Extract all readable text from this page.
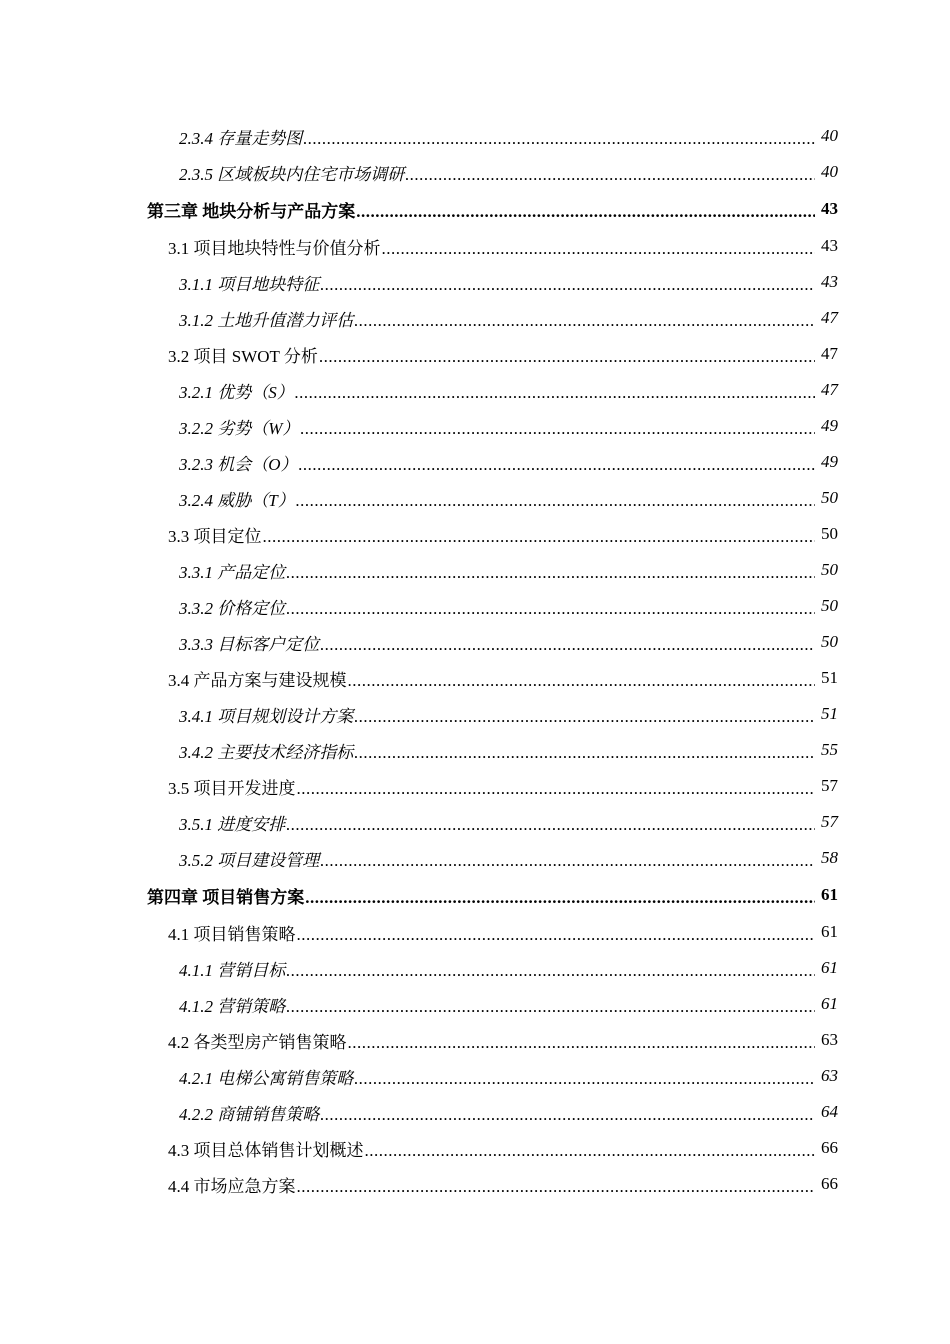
2.3.4 存量走势图 .....	40
2.3.5 区域板块内住宅市场调研 .....	40
第三章 地块分析与产品方案 .....	43
3.1 项目地块特性与价值分析 .....	43
3.1.1 项目地块特征 .....	43
3.1.2 土地升值潜力评估 .....	47
3.2 项目 SWOT 分析 .....	47
3.2.1 优势（S） .....	47
3.2.2 劣势（W） .....	49
3.2.3 机会（O） .....	49
3.2.4 威胁（T） .....	50
3.3 项目定位 .....	50
3.3.1 产品定位 .....	50
3.3.2 价格定位 .....	50
3.3.3 目标客户定位 .....	50
3.4 产品方案与建设规模 .....	51
3.4.1 项目规划设计方案 .....	51
3.4.2 主要技术经济指标 .....	55
3.5 项目开发进度 .....	57
3.5.1 进度安排 .....	57
3.5.2 项目建设管理 .....	58
第四章 项目销售方案 .....	61
4.1 项目销售策略 .....	61
4.1.1 营销目标 .....	61
4.1.2 营销策略 .....	61
4.2 各类型房产销售策略 .....	63
4.2.1 电梯公寓销售策略 .....	63
4.2.2 商铺销售策略 .....	64
4.3 项目总体销售计划概述 .....	66
4.4 市场应急方案 .....	66
